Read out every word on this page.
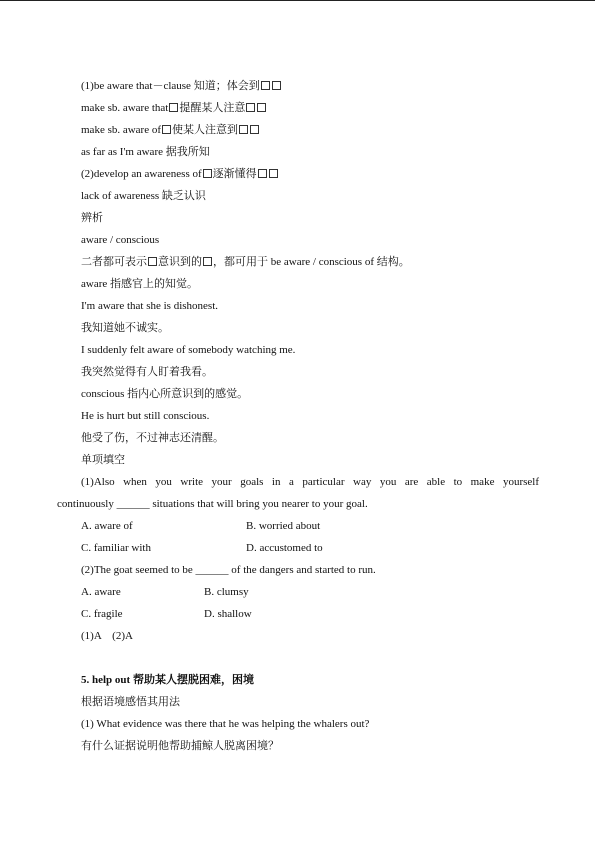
(1)be aware that－clause 知道；体会到
make sb. aware that 提醒某人注意
make sb. aware of 使某人注意到
as far as I'm aware 据我所知
(2)develop an awareness of 逐渐懂得
lack of awareness 缺乏认识
辨析
aware / conscious
二者都可表示 意识到的 ，都可用于 be aware / conscious of 结构。
aware 指感官上的知觉。
I'm aware that she is dishonest.
我知道她不诚实。
I suddenly felt aware of somebody watching me.
我突然觉得有人盯着我看。
conscious 指内心所意识到的感觉。
He is hurt but still conscious.
他受了伤，不过神志还清醒。
单项填空
(1)Also when you write your goals in a particular way you are able to make yourself
continuously ______ situations that will bring you nearer to your goal.
A. aware of	B. worried about
C. familiar with	D. accustomed to
(2)The goat seemed to be ______ of the dangers and started to run.
A. aware	B. clumsy
C. fragile	D. shallow
(1)A　(2)A
5. help out 帮助某人摆脱困难，困境
根据语境感悟其用法
(1) What evidence was there that he was helping the whalers out?
有什么证据说明他帮助捕鲸人脱离困境？
